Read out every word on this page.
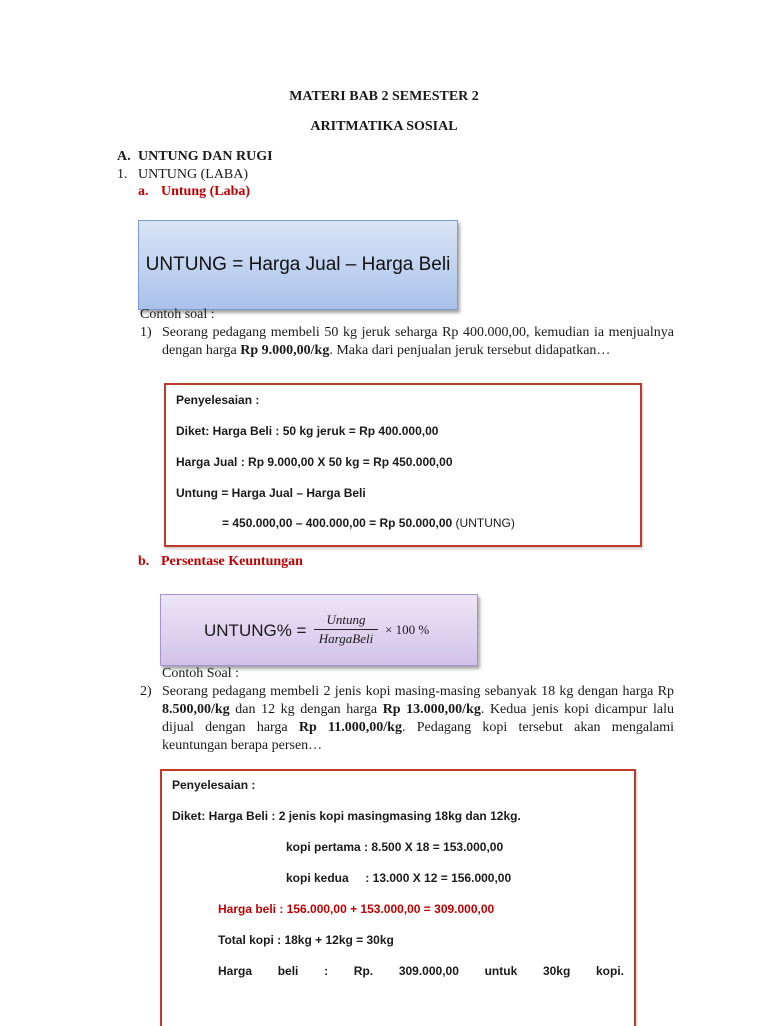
MATERI BAB 2 SEMESTER 2
ARITMATIKA SOSIAL
A. UNTUNG DAN RUGI
1. UNTUNG (LABA)
a. Untung (Laba)
UNTUNG = Harga Jual – Harga Beli
Contoh soal :
1) Seorang pedagang membeli 50 kg jeruk seharga Rp 400.000,00, kemudian ia menjualnya
dengan harga Rp 9.000,00/kg. Maka dari penjualan jeruk tersebut didapatkan…
Penyelesaian :
Diket: Harga Beli : 50 kg jeruk = Rp 400.000,00
Harga Jual : Rp 9.000,00 X 50 kg = Rp 450.000,00
Untung = Harga Jual – Harga Beli
= 450.000,00 – 400.000,00 = Rp 50.000,00 (UNTUNG)
b. Persentase Keuntungan
UNTUNG% =
Untung
HargaBeli
× 100 %
Contoh Soal :
2) Seorang pedagang membeli 2 jenis kopi masing-masing sebanyak 18 kg dengan harga Rp
8.500,00/kg dan 12 kg dengan harga Rp 13.000,00/kg. Kedua jenis kopi dicampur lalu
dijual dengan harga Rp 11.000,00/kg. Pedagang kopi tersebut akan mengalami
keuntungan berapa persen…
Penyelesaian :
Diket: Harga Beli : 2 jenis kopi masingmasing 18kg dan 12kg.
kopi pertama : 8.500 X 18 = 153.000,00
kopi kedua     : 13.000 X 12 = 156.000,00
Harga beli : 156.000,00 + 153.000,00 = 309.000,00
Total kopi : 18kg + 12kg = 30kg
Harga beli : Rp. 309.000,00 untuk 30kg kopi.
